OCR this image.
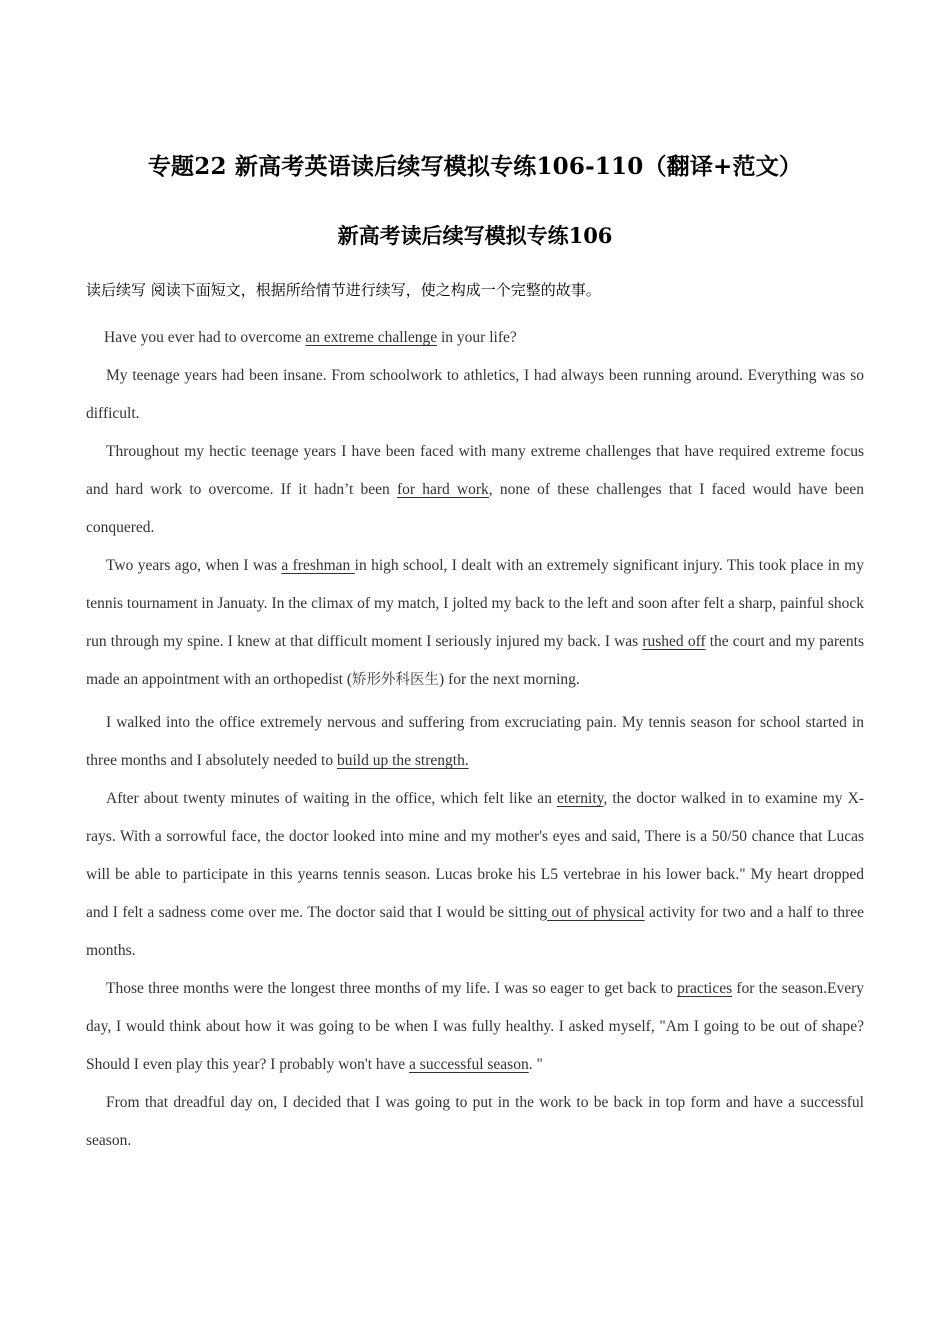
专题22 新高考英语读后续写模拟专练106-110（翻译+范文）
新高考读后续写模拟专练106
读后续写 阅读下面短文，根据所给情节进行续写，使之构成一个完整的故事。

Have you ever had to overcome an extreme challenge in your life?

My teenage years had been insane. From schoolwork to athletics, I had always been running around. Everything was so difficult.

Throughout my hectic teenage years I have been faced with many extreme challenges that have required extreme focus and hard work to overcome. If it hadn’t been for hard work, none of these challenges that I faced would have been conquered.

Two years ago, when I was a freshman in high school, I dealt with an extremely significant injury. This took place in my tennis tournament in Januaty. In the climax of my match, I jolted my back to the left and soon after felt a sharp, painful shock run through my spine. I knew at that difficult moment I seriously injured my back. I was rushed off the court and my parents made an appointment with an orthopedist (矫形外科医生) for the next morning.

I walked into the office extremely nervous and suffering from excruciating pain. My tennis season for school started in three months and I absolutely needed to build up the strength.

After about twenty minutes of waiting in the office, which felt like an eternity, the doctor walked in to examine my X-rays. With a sorrowful face, the doctor looked into mine and my mother's eyes and said, There is a 50/50 chance that Lucas will be able to participate in this yearns tennis season. Lucas broke his L5 vertebrae in his lower back." My heart dropped and I felt a sadness come over me. The doctor said that I would be sitting out of physical activity for two and a half to three months.

Those three months were the longest three months of my life. I was so eager to get back to practices for the season.Every day, I would think about how it was going to be when I was fully healthy. I asked myself, "Am I going to be out of shape? Should I even play this year? I probably won't have a successful season. "

From that dreadful day on, I decided that I was going to put in the work to be back in top form and have a successful season.
